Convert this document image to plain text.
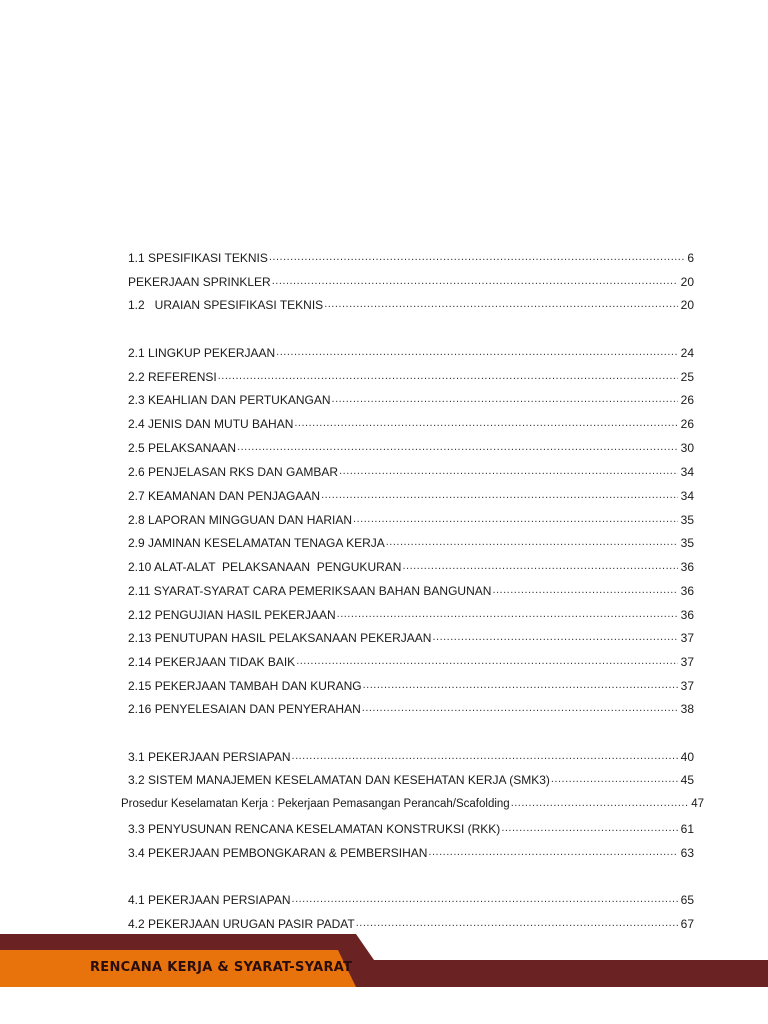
1.1 SPESIFIKASI TEKNIS .....	6
PEKERJAAN SPRINKLER .....	20
1.2   URAIAN SPESIFIKASI TEKNIS .....	20
2.1 LINGKUP PEKERJAAN .....	24
2.2 REFERENSI .....	25
2.3 KEAHLIAN DAN PERTUKANGAN .....	26
2.4 JENIS DAN MUTU BAHAN .....	26
2.5 PELAKSANAAN .....	30
2.6 PENJELASAN RKS DAN GAMBAR .....	34
2.7 KEAMANAN DAN PENJAGAAN .....	34
2.8 LAPORAN MINGGUAN DAN HARIAN .....	35
2.9 JAMINAN KESELAMATAN TENAGA KERJA .....	35
2.10 ALAT-ALAT  PELAKSANAAN  PENGUKURAN .....	36
2.11 SYARAT-SYARAT CARA PEMERIKSAAN BAHAN BANGUNAN .....	36
2.12 PENGUJIAN HASIL PEKERJAAN .....	36
2.13 PENUTUPAN HASIL PELAKSANAAN PEKERJAAN .....	37
2.14 PEKERJAAN TIDAK BAIK .....	37
2.15 PEKERJAAN TAMBAH DAN KURANG .....	37
2.16 PENYELESAIAN DAN PENYERAHAN .....	38
3.1 PEKERJAAN PERSIAPAN .....	40
3.2 SISTEM MANAJEMEN KESELAMATAN DAN KESEHATAN KERJA (SMK3) .....	45
Prosedur Keselamatan Kerja : Pekerjaan Pemasangan Perancah/Scafolding .....	47
3.3 PENYUSUNAN RENCANA KESELAMATAN KONSTRUKSI (RKK) .....	61
3.4 PEKERJAAN PEMBONGKARAN & PEMBERSIHAN .....	63
4.1 PEKERJAAN PERSIAPAN .....	65
4.2 PEKERJAAN URUGAN PASIR PADAT .....	67
RENCANA KERJA & SYARAT-SYARAT
